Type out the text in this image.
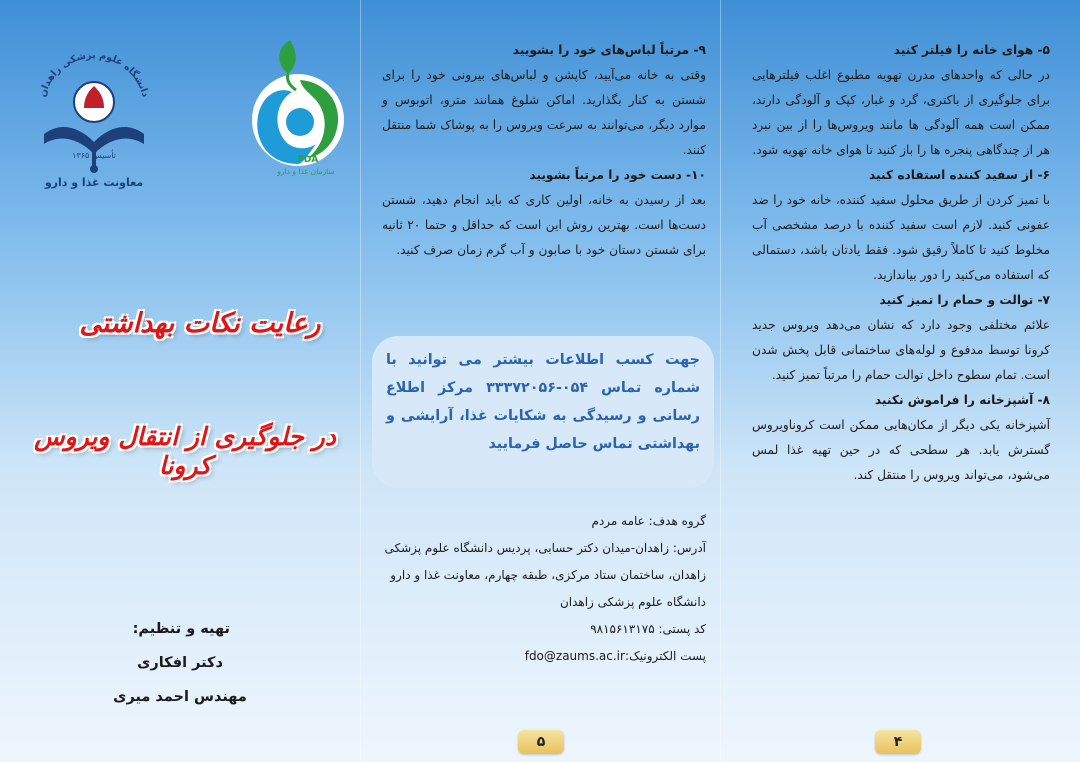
دانشگاه علوم پزشکی زاهدان
تأسیس ۱۳۶۵
معاونت غذا و دارو
FDA
سازمان غذا و دارو
رعایت نکات بهداشتی
در جلوگیری از انتقال ویروس کرونا

تهیه و تنظیم:

دکتر افکاری

مهندس احمد میری

۵- هوای خانه را فیلتر کنید

در حالی که واحدهای مدرن تهویه مطبوع اغلب فیلترهایی برای جلوگیری از باکتری، گرد و غبار، کپک و آلودگی دارند، ممکن است همه آلودگی ها مانند ویروس‌ها را از بین نبرد هر از چندگاهی پنجره ها را باز کنید تا هوای خانه تهویه شود.

۶- از سفید کننده استفاده کنید

با تمیز کردن از طریق محلول سفید کننده، خانه خود را ضد عفونی کنید. لازم است سفید کننده با درصد مشخصی آب مخلوط کنید تا کاملاً رقیق شود. فقط یادتان باشد، دستمالی که استفاده می‌کنید را دور بیاندازید.

۷- توالت و حمام را تمیز کنید

علائم مختلفی وجود دارد که نشان می‌دهد ویروس جدید کرونا توسط مدفوع و لوله‌های ساختمانی قابل پخش شدن است. تمام سطوح داخل توالت حمام را مرتباً تمیز کنید.

۸- آشپزخانه را فراموش نکنید

آشپزخانه یکی دیگر از مکان‌هایی ممکن است کروناویروس گسترش یابد. هر سطحی که در حین تهیه غذا لمس می‌شود، می‌تواند ویروس را منتقل کند.

۹- مرتباً لباس‌های خود را بشویید

وقتی به خانه می‌آیید، کاپشن و لباس‌های بیرونی خود را برای شستن به کنار بگذارید. اماکن شلوغ همانند مترو، اتوبوس و موارد دیگر، می‌توانند به سرعت ویروس را به پوشاک شما منتقل کنند.

۱۰- دست خود را مرتباً بشویید

بعد از رسیدن به خانه، اولین کاری که باید انجام دهید، شستن دست‌ها است. بهترین روش این است که حداقل و حتما ۲۰ ثانیه برای شستن دستان خود با صابون و آب گرم زمان صرف کنید.

جهت کسب اطلاعات بیشتر می توانید با شماره تماس ۰۵۴-۳۳۳۷۲۰۵۶ مرکز اطلاع رسانی و رسیدگی به شکایات غذا، آرایشی و بهداشتی تماس حاصل فرمایید

گروه هدف: عامه مردم

آدرس: زاهدان-میدان دکتر حسابی، پردیس دانشگاه علوم پزشکی زاهدان، ساختمان ستاد مرکزی، طبقه چهارم، معاونت غذا و دارو دانشگاه علوم پزشکی زاهدان

کد پستی: ۹۸۱۵۶۱۳۱۷۵

پست الکترونیک:fdo@zaums.ac.ir

۵	۴
